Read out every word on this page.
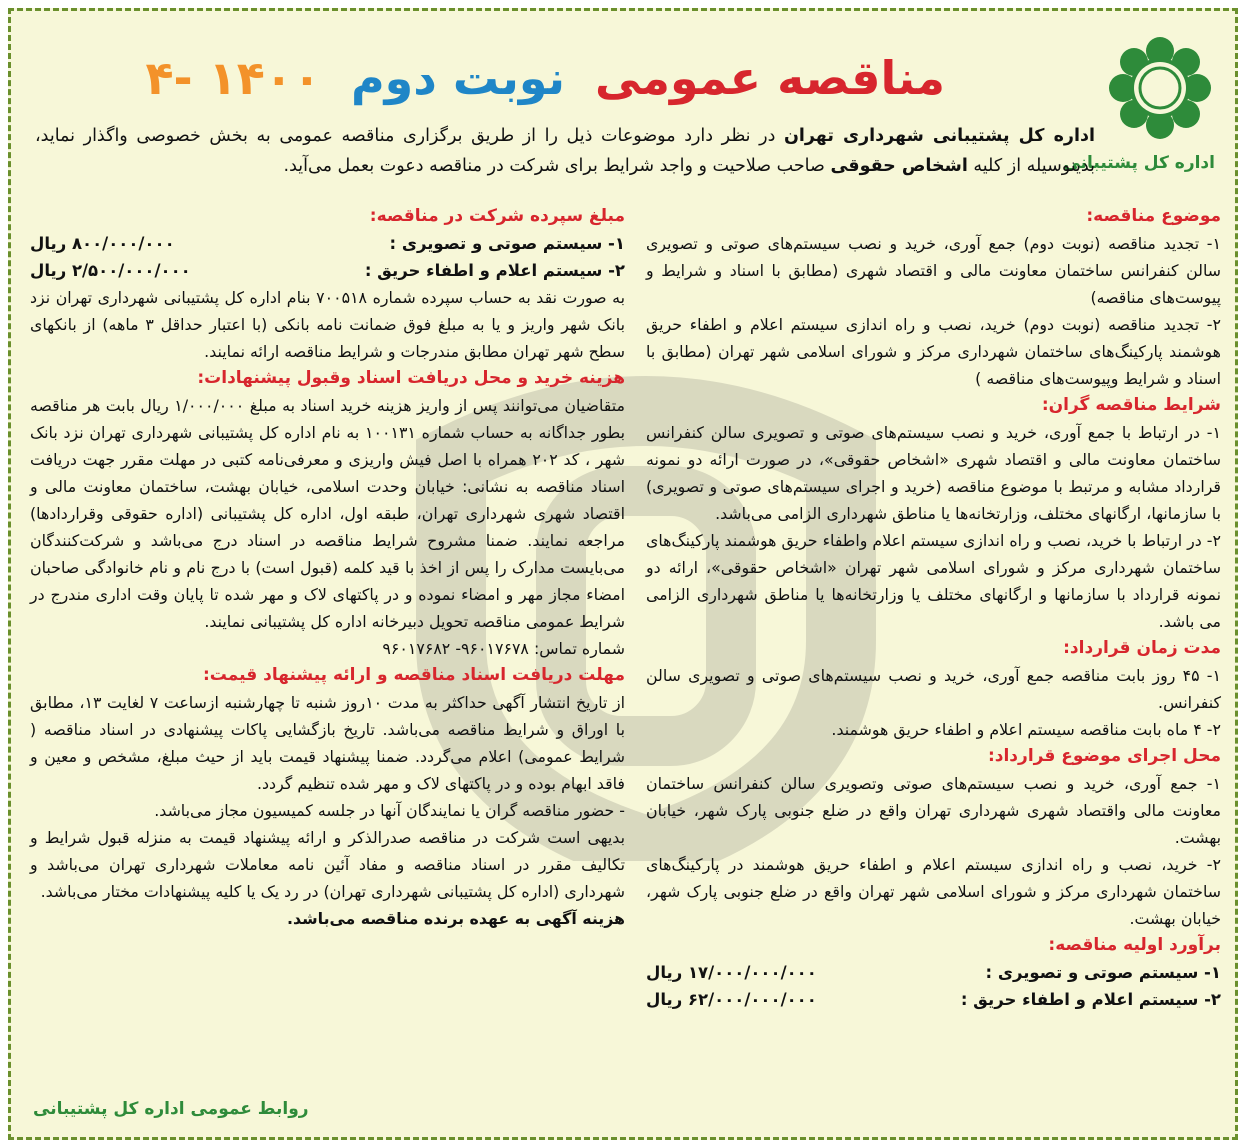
اداره کل پشتیبانی
مناقصه عمومی نوبت دوم ۴- ۱۴۰۰
اداره کل پشتیبانی شهرداری تهران در نظر دارد موضوعات ذیل را از طریق برگزاری مناقصه عمومی به بخش خصوصی واگذار نماید، بدینوسیله از کلیه اشخاص حقوقی صاحب صلاحیت و واجد شرایط برای شرکت در مناقصه دعوت بعمل می‌آید.
موضوع مناقصه:

۱- تجدید مناقصه (نوبت دوم) جمع آوری، خرید و نصب سیستم‌های صوتی و تصویری سالن کنفرانس ساختمان معاونت مالی و اقتصاد شهری (مطابق با اسناد و شرایط و پیوست‌های مناقصه)

۲- تجدید مناقصه (نوبت دوم) خرید، نصب و راه اندازی سیستم اعلام و اطفاء حریق هوشمند پارکینگ‌های ساختمان شهرداری مرکز و شورای اسلامی شهر تهران (مطابق با اسناد و شرایط وپیوست‌های مناقصه )

شرایط مناقصه گران:

۱- در ارتباط با جمع آوری، خرید و نصب سیستم‌های صوتی و تصویری سالن کنفرانس ساختمان معاونت مالی و اقتصاد شهری «اشخاص حقوقی»، در صورت ارائه دو نمونه قرارداد مشابه و مرتبط با موضوع مناقصه (خرید و اجرای سیستم‌های صوتی و تصویری) با سازمانها، ارگانهای مختلف، وزارتخانه‌ها یا مناطق شهرداری الزامی می‌باشد.

۲- در ارتباط با خرید، نصب و راه اندازی سیستم اعلام واطفاء حریق هوشمند پارکینگ‌های ساختمان شهرداری مرکز و شورای اسلامی شهر تهران «اشخاص حقوقی»، ارائه دو نمونه قرارداد با سازمانها و ارگانهای مختلف یا وزارتخانه‌ها یا مناطق شهرداری الزامی می باشد.

مدت زمان قرارداد:

۱- ۴۵ روز بابت مناقصه جمع آوری، خرید و نصب سیستم‌های صوتی و تصویری سالن کنفرانس.

۲- ۴ ماه بابت مناقصه سیستم اعلام و اطفاء حریق هوشمند.

محل اجرای موضوع قرارداد:

۱- جمع آوری، خرید و نصب سیستم‌های صوتی وتصویری سالن کنفرانس ساختمان معاونت مالی واقتصاد شهری شهرداری تهران واقع در ضلع جنوبی پارک شهر، خیابان بهشت.

۲- خرید، نصب و راه اندازی سیستم اعلام و اطفاء حریق هوشمند در پارکینگ‌های ساختمان شهرداری مرکز و شورای اسلامی شهر تهران واقع در ضلع جنوبی پارک شهر، خیابان بهشت.

برآورد اولیه مناقصه:
۱- سیستم صوتی و تصویری :
۱۷/۰۰۰/۰۰۰/۰۰۰ ریال
۲- سیستم اعلام و اطفاء حریق :
۶۲/۰۰۰/۰۰۰/۰۰۰ ریال
مبلغ سپرده شرکت در مناقصه:
۱- سیستم صوتی و تصویری :
۸۰۰/۰۰۰/۰۰۰ ریال
۲- سیستم اعلام و اطفاء حریق :
۲/۵۰۰/۰۰۰/۰۰۰ ریال

به صورت نقد به حساب سپرده شماره ۷۰۰۵۱۸ بنام اداره کل پشتیبانی شهرداری تهران نزد بانک شهر واریز و یا به مبلغ فوق ضمانت نامه بانکی (با اعتبار حداقل ۳ ماهه) از بانکهای سطح شهر تهران مطابق مندرجات و شرایط مناقصه ارائه نمایند.

هزینه خرید و محل دریافت اسناد وقبول پیشنهادات:

متقاضیان می‌توانند پس از واریز هزینه خرید اسناد به مبلغ ۱/۰۰۰/۰۰۰ ریال بابت هر مناقصه بطور جداگانه به حساب شماره ۱۰۰۱۳۱ به نام اداره کل پشتیبانی شهرداری تهران نزد بانک شهر ، کد ۲۰۲ همراه با اصل فیش واریزی و معرفی‌نامه کتبی در مهلت مقرر جهت دریافت اسناد مناقصه به نشانی: خیابان وحدت اسلامی، خیابان بهشت، ساختمان معاونت مالی و اقتصاد شهری شهرداری تهران، طبقه اول، اداره کل پشتیبانی (اداره حقوقی وقراردادها) مراجعه نمایند. ضمنا مشروح شرایط مناقصه در اسناد درج می‌باشد و شرکت‌کنندگان می‌بایست مدارک را پس از اخذ با قید کلمه (قبول است) با درج نام و نام خانوادگی صاحبان امضاء مجاز مهر و امضاء نموده و در پاکتهای لاک و مهر شده تا پایان وقت اداری مندرج در شرایط عمومی مناقصه تحویل دبیرخانه اداره کل پشتیبانی نمایند.

شماره تماس: ۹۶۰۱۷۶۷۸- ۹۶۰۱۷۶۸۲

مهلت دریافت اسناد مناقصه و ارائه پیشنهاد قیمت:

از تاریخ انتشار آگهی حداکثر به مدت ۱۰روز شنبه تا چهارشنبه ازساعت ۷ لغایت ۱۳، مطابق با اوراق و شرایط مناقصه می‌باشد. تاریخ بازگشایی پاکات پیشنهادی در اسناد مناقصه ( شرایط عمومی) اعلام می‌گردد. ضمنا پیشنهاد قیمت باید از حیث مبلغ، مشخص و معین و فاقد ابهام بوده و در پاکتهای لاک و مهر شده تنظیم گردد.

- حضور مناقصه گران یا نمایندگان آنها در جلسه کمیسیون مجاز می‌باشد.

بدیهی است شرکت در مناقصه صدرالذکر و ارائه پیشنهاد قیمت به منزله قبول شرایط و تکالیف مقرر در اسناد مناقصه و مفاد آئین نامه معاملات شهرداری تهران می‌باشد و شهرداری (اداره کل پشتیبانی شهرداری تهران) در رد یک یا کلیه پیشنهادات مختار می‌باشد.

هزینه آگهی به عهده برنده مناقصه می‌باشد.

روابط عمومی اداره کل پشتیبانی
